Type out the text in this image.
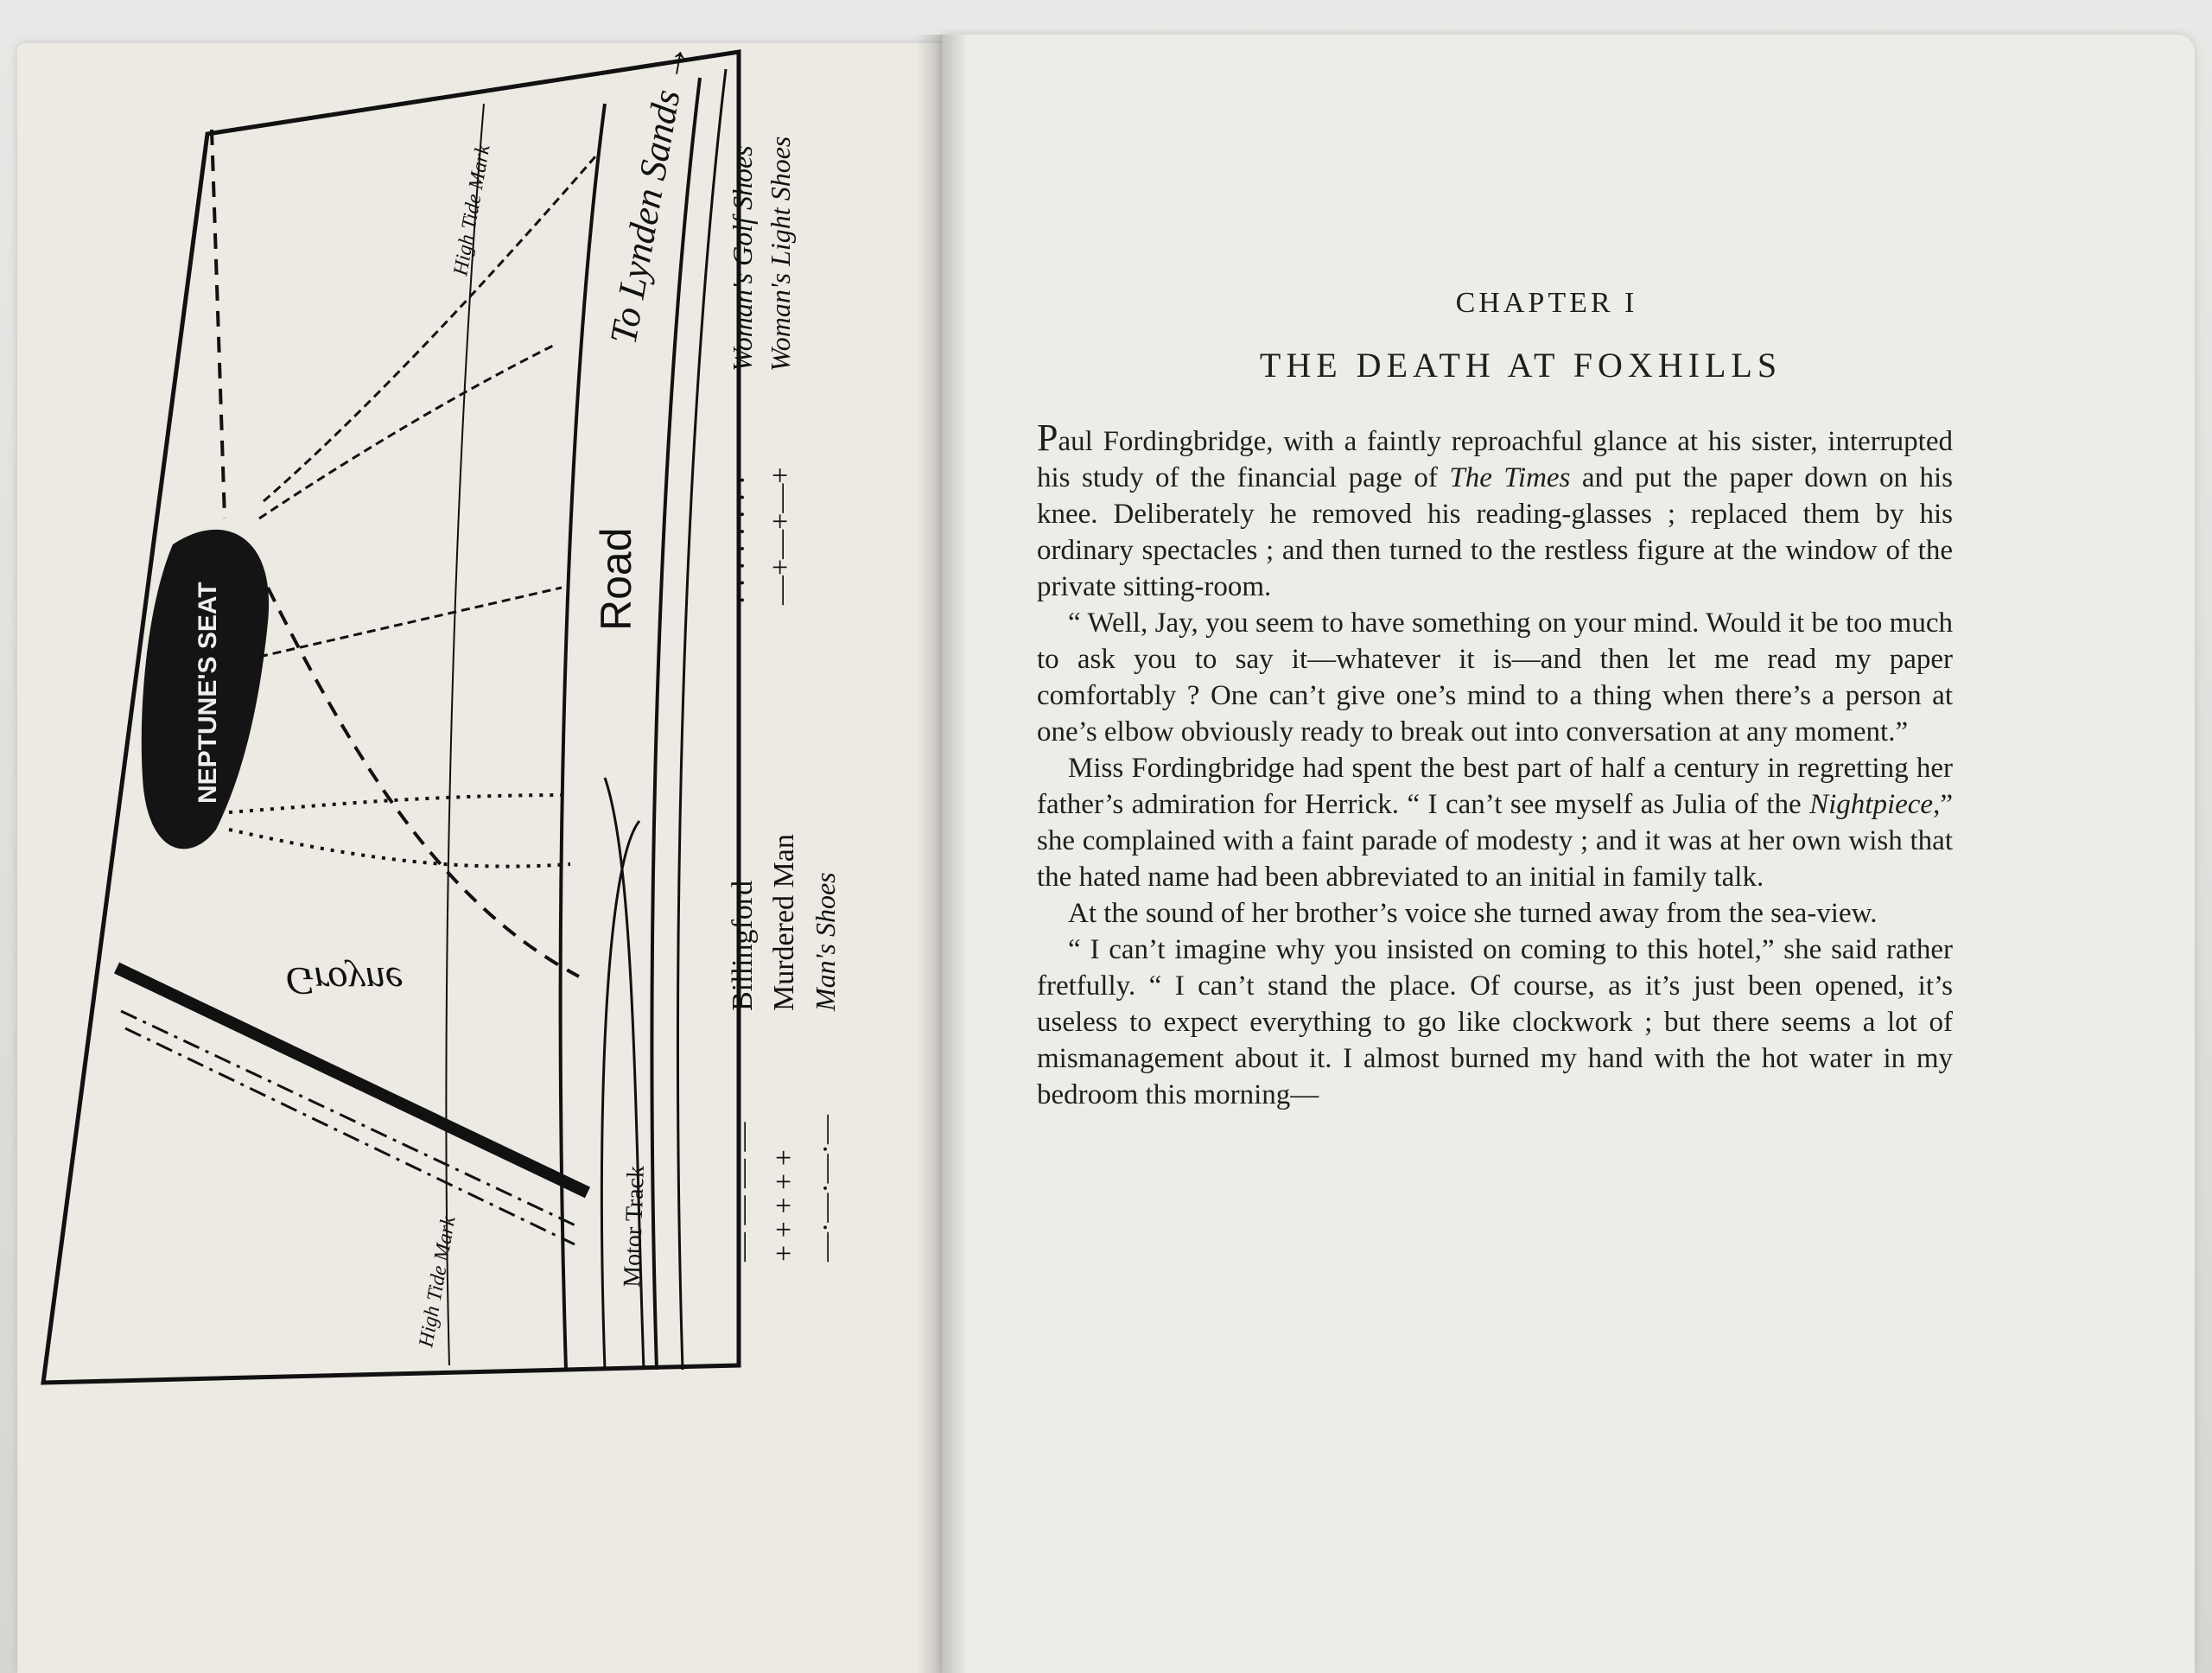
NEPTUNE'S SEAT
High Tide Mark
High Tide Mark
To Lynden Sands →
Road
Motor Track
Groyne
— — — —
Billingford
+ + + + +
Murdered Man
· · · · · · · ·
Woman's Golf Shoes
—+—+—+
Woman's Light Shoes
—·—·—·—
Man's Shoes
CHAPTER I
THE DEATH AT FOXHILLS

Paul Fordingbridge, with a faintly reproachful glance at his sister, interrupted his study of the financial page of The Times and put the paper down on his knee. Deliberately he removed his reading-glasses ; replaced them by his ordinary spectacles ; and then turned to the restless figure at the window of the private sitting-room.

“ Well, Jay, you seem to have something on your mind. Would it be too much to ask you to say it—whatever it is—and then let me read my paper comfortably ? One can’t give one’s mind to a thing when there’s a person at one’s elbow obviously ready to break out into conversation at any moment.”

Miss Fordingbridge had spent the best part of half a century in regretting her father’s admiration for Herrick. “ I can’t see myself as Julia of the Nightpiece,” she complained with a faint parade of modesty ; and it was at her own wish that the hated name had been abbreviated to an initial in family talk.

At the sound of her brother’s voice she turned away from the sea-view.

“ I can’t imagine why you insisted on coming to this hotel,” she said rather fretfully. “ I can’t stand the place. Of course, as it’s just been opened, it’s useless to expect everything to go like clockwork ; but there seems a lot of mismanagement about it. I almost burned my hand with the hot water in my bedroom this morning—
